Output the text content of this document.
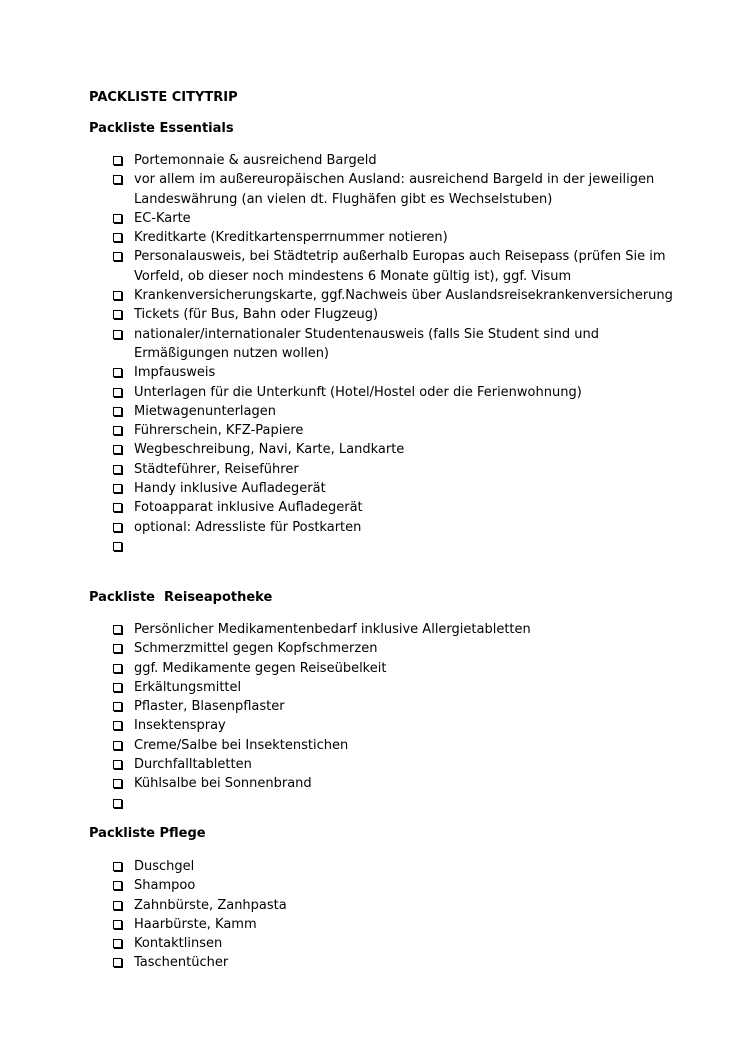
PACKLISTE CITYTRIP
Packliste Essentials
Portemonnaie & ausreichend Bargeld
vor allem im außereuropäischen Ausland: ausreichend Bargeld in der jeweiligen Landeswährung (an vielen dt. Flughäfen gibt es Wechselstuben)
EC-Karte
Kreditkarte (Kreditkartensperrnummer notieren)
Personalausweis, bei Städtetrip außerhalb Europas auch Reisepass (prüfen Sie im Vorfeld, ob dieser noch mindestens 6 Monate gültig ist), ggf. Visum
Krankenversicherungskarte, ggf.Nachweis über Auslandsreisekrankenversicherung
Tickets (für Bus, Bahn oder Flugzeug)
nationaler/internationaler Studentenausweis (falls Sie Student sind und Ermäßigungen nutzen wollen)
Impfausweis
Unterlagen für die Unterkunft (Hotel/Hostel oder die Ferienwohnung)
Mietwagenunterlagen
Führerschein, KFZ-Papiere
Wegbeschreibung, Navi, Karte, Landkarte
Städteführer, Reiseführer
Handy inklusive Aufladegerät
Fotoapparat inklusive Aufladegerät
optional: Adressliste für Postkarten
Packliste  Reiseapotheke
Persönlicher Medikamentenbedarf inklusive Allergietabletten
Schmerzmittel gegen Kopfschmerzen
ggf. Medikamente gegen Reiseübelkeit
Erkältungsmittel
Pflaster, Blasenpflaster
Insektenspray
Creme/Salbe bei Insektenstichen
Durchfalltabletten
Kühlsalbe bei Sonnenbrand
Packliste Pflege
Duschgel
Shampoo
Zahnbürste, Zanhpasta
Haarbürste, Kamm
Kontaktlinsen
Taschentücher
